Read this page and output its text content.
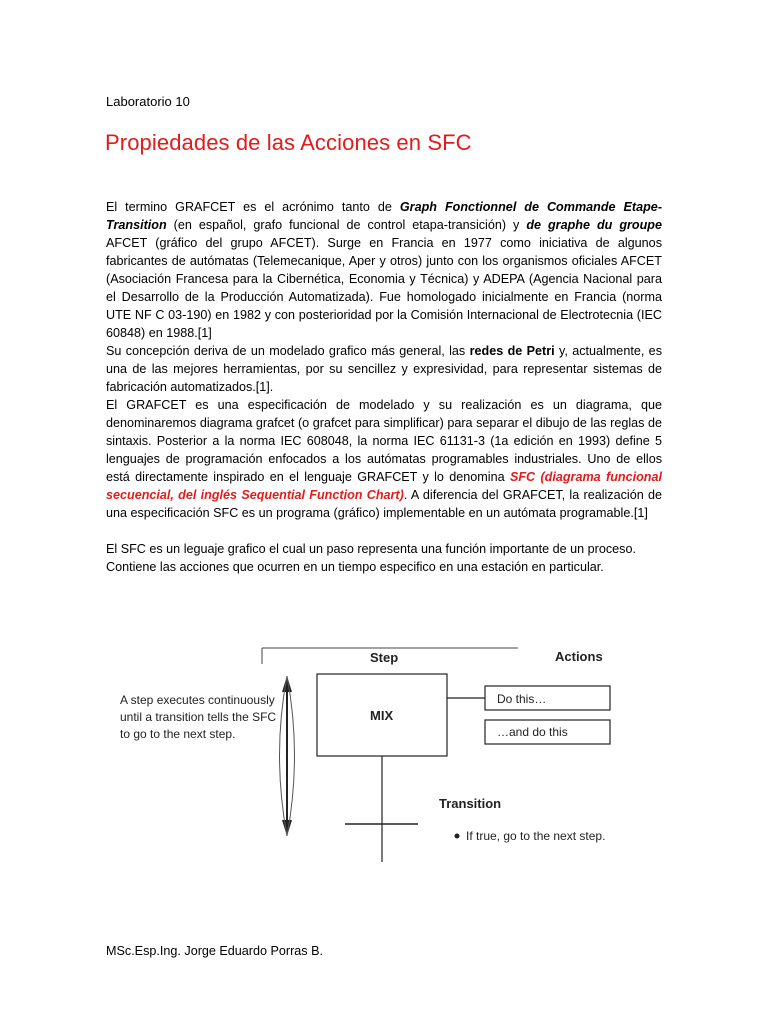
Laboratorio 10
Propiedades de las Acciones en SFC

El termino GRAFCET es el acrónimo tanto de Graph Fonctionnel de Commande Etape-Transition (en español, grafo funcional de control etapa-transición) y de graphe du groupe AFCET (gráfico del grupo AFCET). Surge en Francia en 1977 como iniciativa de algunos fabricantes de autómatas (Telemecanique, Aper y otros) junto con los organismos oficiales AFCET (Asociación Francesa para la Cibernética, Economia y Técnica) y ADEPA (Agencia Nacional para el Desarrollo de la Producción Automatizada). Fue homologado inicialmente en Francia (norma UTE NF C 03-190) en 1982 y con posterioridad por la Comisión Internacional de Electrotecnia (IEC 60848) en 1988.[1]

Su concepción deriva de un modelado grafico más general, las redes de Petri y, actualmente, es una de las mejores herramientas, por su sencillez y expresividad, para representar sistemas de fabricación automatizados.[1].

El GRAFCET es una especificación de modelado y su realización es un diagrama, que denominaremos diagrama grafcet (o grafcet para simplificar) para separar el dibujo de las reglas de sintaxis. Posterior a la norma IEC 608048, la norma IEC 61131-3 (1a edición en 1993) define 5 lenguajes de programación enfocados a los autómatas programables industriales. Uno de ellos está directamente inspirado en el lenguaje GRAFCET y lo denomina SFC (diagrama funcional secuencial, del inglés Sequential Function Chart). A diferencia del GRAFCET, la realización de una especificación SFC es un programa (gráfico) implementable en un autómata programable.[1]

El SFC es un leguaje grafico el cual un paso representa una función importante de un proceso. Contiene las acciones que ocurren en un tiempo especifico en una estación en particular.

Step	Actions
A step executes continuously
until a transition tells the SFC
to go to the next step.
MIX
Do this…
…and do this
Transition
If true, go to the next step.
MSc.Esp.Ing. Jorge Eduardo Porras B.
